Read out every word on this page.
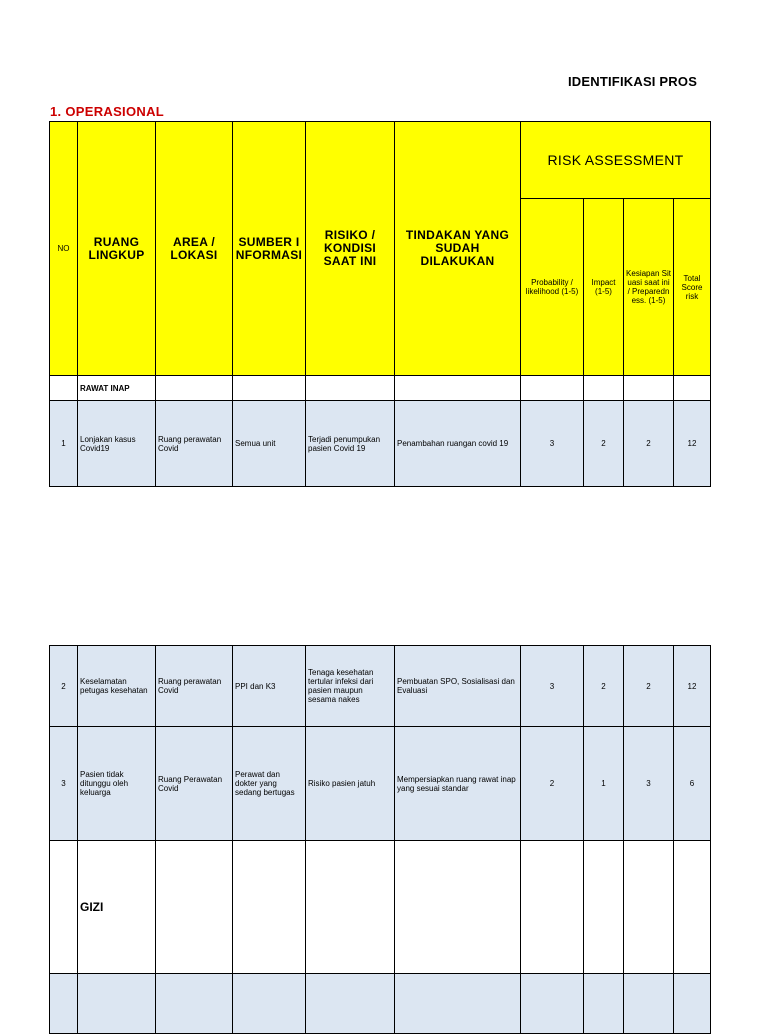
IDENTIFIKASI PROS
1. OPERASIONAL
NO	RUANG LINGKUP	AREA / LOKASI	SUMBER INFORMASI	RISIKO / KONDISI SAAT INI	TINDAKAN YANG SUDAH DILAKUKAN	RISK ASSESSMENT			
						Probability / likelihood (1-5)	Impact (1-5)	Kesiapan Situasi saat ini / Preparedness. (1-5)	Total Score risk
	RAWAT INAP								
1	Lonjakan kasus Covid19	Ruang perawatan Covid	Semua unit	Terjadi penumpukan pasien Covid 19	Penambahan ruangan covid 19	3	2	2	12
2	Keselamatan petugas kesehatan	Ruang perawatan Covid	PPI dan K3	Tenaga kesehatan tertular infeksi dari pasien maupun sesama nakes	Pembuatan SPO, Sosialisasi dan Evaluasi	3	2	2	12
3	Pasien tidak ditunggu oleh keluarga	Ruang Perawatan Covid	Perawat dan dokter yang sedang bertugas	Risiko pasien jatuh	Mempersiapkan ruang rawat inap yang sesuai standar	2	1	3	6
	GIZI								
